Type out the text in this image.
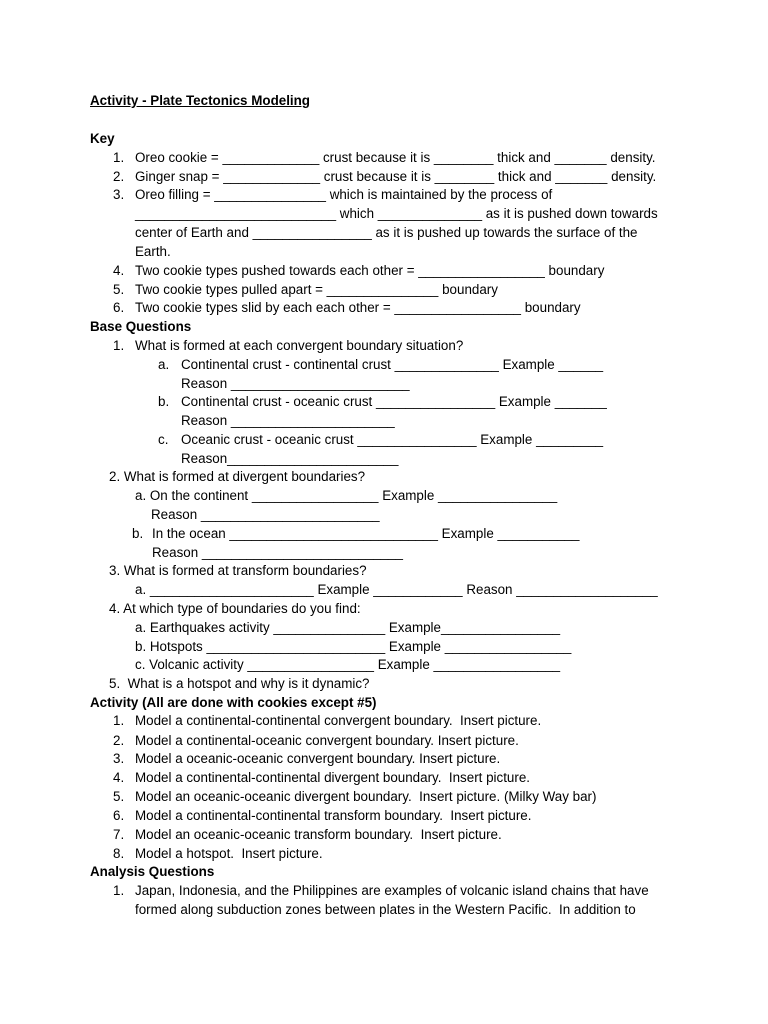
Activity - Plate Tectonics Modeling
Key
1. Oreo cookie = _____________ crust because it is ________ thick and _______ density.
2. Ginger snap = _____________ crust because it is ________ thick and _______ density.
3. Oreo filling = _______________ which is maintained by the process of
___________________________ which ______________ as it is pushed down towards
center of Earth and ________________ as it is pushed up towards the surface of the
Earth.
4. Two cookie types pushed towards each other = _________________ boundary
5. Two cookie types pulled apart = _______________ boundary
6. Two cookie types slid by each each other = _________________ boundary
Base Questions
1. What is formed at each convergent boundary situation?
a. Continental crust - continental crust ______________ Example ______
Reason ________________________
b. Continental crust - oceanic crust ________________ Example _______
Reason ______________________
c. Oceanic crust - oceanic crust ________________ Example _________
Reason_______________________
2. What is formed at divergent boundaries?
a. On the continent _________________ Example ________________
Reason ________________________
b. In the ocean ____________________________ Example ___________
Reason ___________________________
3. What is formed at transform boundaries?
a. ______________________ Example ____________ Reason ___________________
4. At which type of boundaries do you find:
a. Earthquakes activity _______________ Example________________
b. Hotspots ________________________ Example _________________
c. Volcanic activity _________________ Example _________________
5.  What is a hotspot and why is it dynamic?
Activity (All are done with cookies except #5)
1. Model a continental-continental convergent boundary.  Insert picture.
2. Model a continental-oceanic convergent boundary. Insert picture.
3. Model a oceanic-oceanic convergent boundary. Insert picture.
4. Model a continental-continental divergent boundary.  Insert picture.
5. Model an oceanic-oceanic divergent boundary.  Insert picture. (Milky Way bar)
6. Model a continental-continental transform boundary.  Insert picture.
7. Model an oceanic-oceanic transform boundary.  Insert picture.
8. Model a hotspot.  Insert picture.
Analysis Questions
1. Japan, Indonesia, and the Philippines are examples of volcanic island chains that have
formed along subduction zones between plates in the Western Pacific.  In addition to
